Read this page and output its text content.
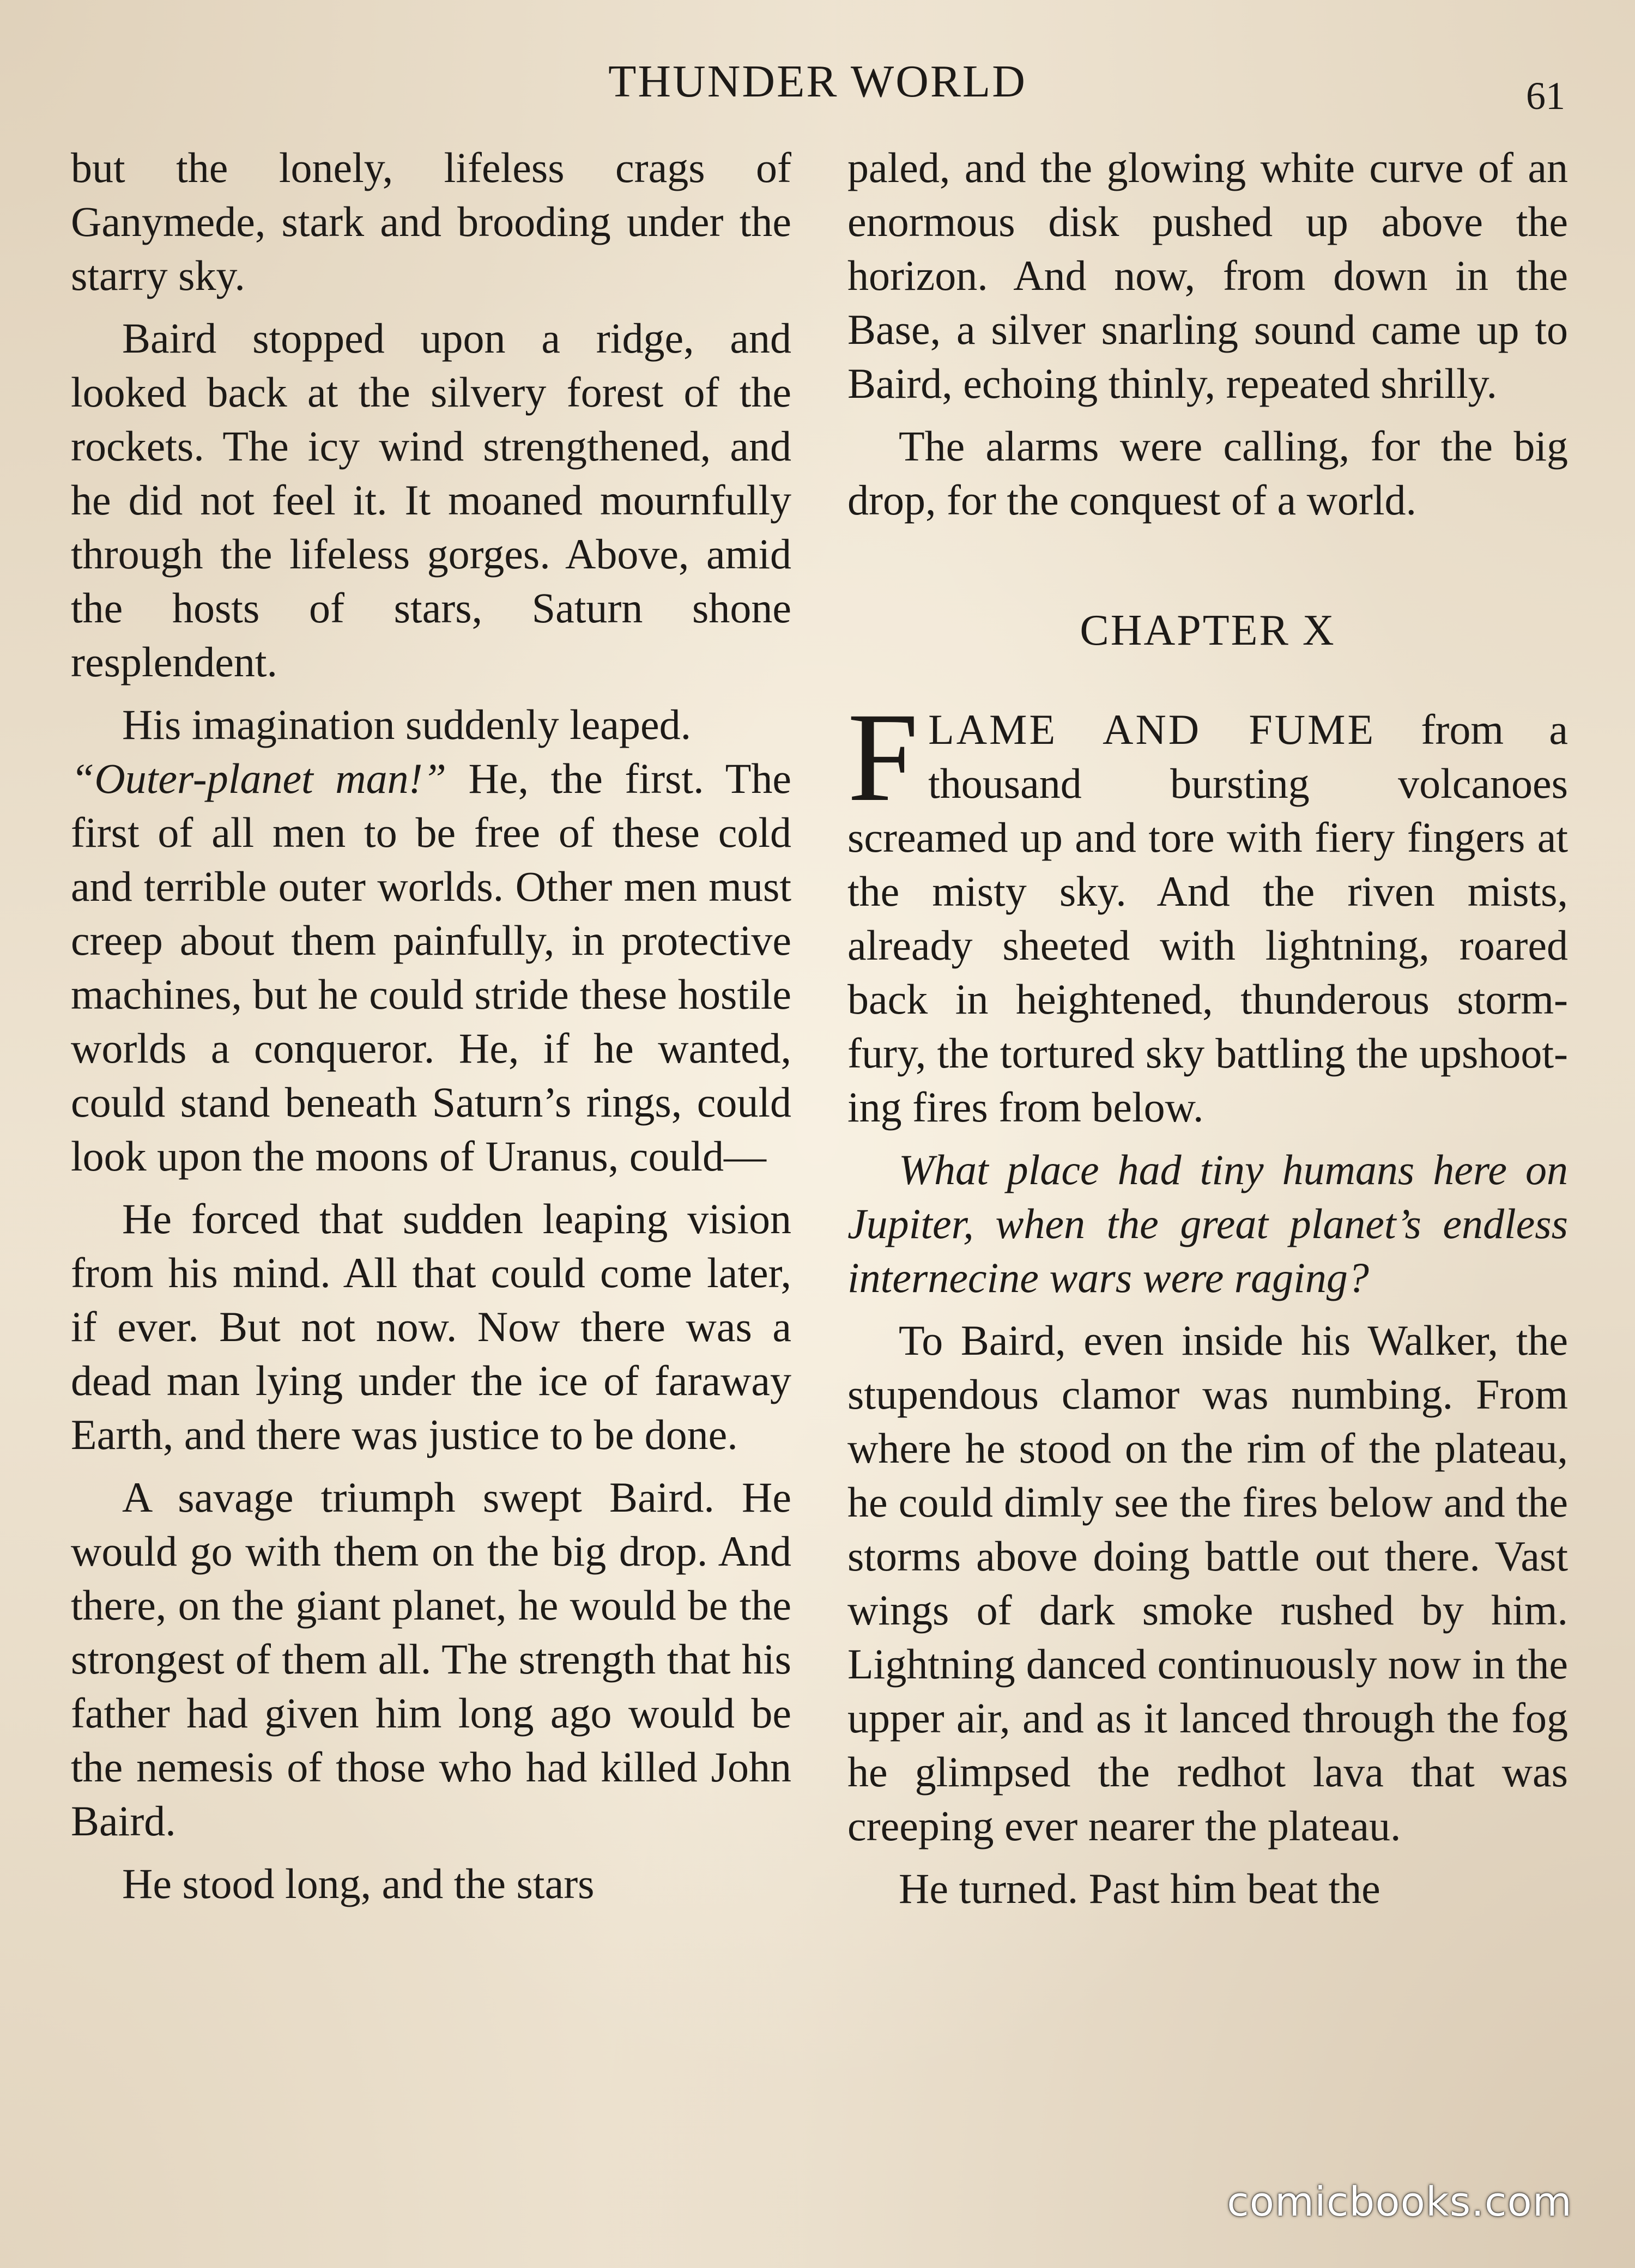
THUNDER WORLD	61

but the lonely, lifeless crags of Ganymede, stark and brooding under the starry sky.

Baird stopped upon a ridge, and looked back at the silvery forest of the rockets. The icy wind strengthened, and he did not feel it. It moaned mournfully through the lifeless gorges. Above, amid the hosts of stars, Saturn shone resplendent.

His imagination suddenly leaped.
“Outer-planet man!” He, the first. The first of all men to be free of these cold and terrible outer worlds. Other men must creep about them painfully, in protective machines, but he could stride these hostile worlds a conqueror. He, if he wanted, could stand beneath Saturn’s rings, could look upon the moons of Uranus, could—

He forced that sudden leaping vision from his mind. All that could come later, if ever. But not now. Now there was a dead man lying under the ice of faraway Earth, and there was justice to be done.

A savage triumph swept Baird. He would go with them on the big drop. And there, on the giant planet, he would be the strongest of them all. The strength that his father had given him long ago would be the nemesis of those who had killed John Baird.

He stood long, and the stars

paled, and the glowing white curve of an enormous disk pushed up above the horizon. And now, from down in the Base, a silver snarling sound came up to Baird, echoing thinly, repeated shrilly.

The alarms were calling, for the big drop, for the conquest of a world.

CHAPTER X

FLAME AND FUME from a thousand bursting volcanoes screamed up and tore with fiery fingers at the misty sky. And the riven mists, already sheeted with lightning, roared back in heightened, thunderous storm-fury, the tortured sky battling the upshooting fires from below.

What place had tiny humans here on Jupiter, when the great planet’s endless internecine wars were raging?

To Baird, even inside his Walker, the stupendous clamor was numbing. From where he stood on the rim of the plateau, he could dimly see the fires below and the storms above doing battle out there. Vast wings of dark smoke rushed by him. Lightning danced continuously now in the upper air, and as it lanced through the fog he glimpsed the redhot lava that was creeping ever nearer the plateau.

He turned. Past him beat the

comicbooks.com
